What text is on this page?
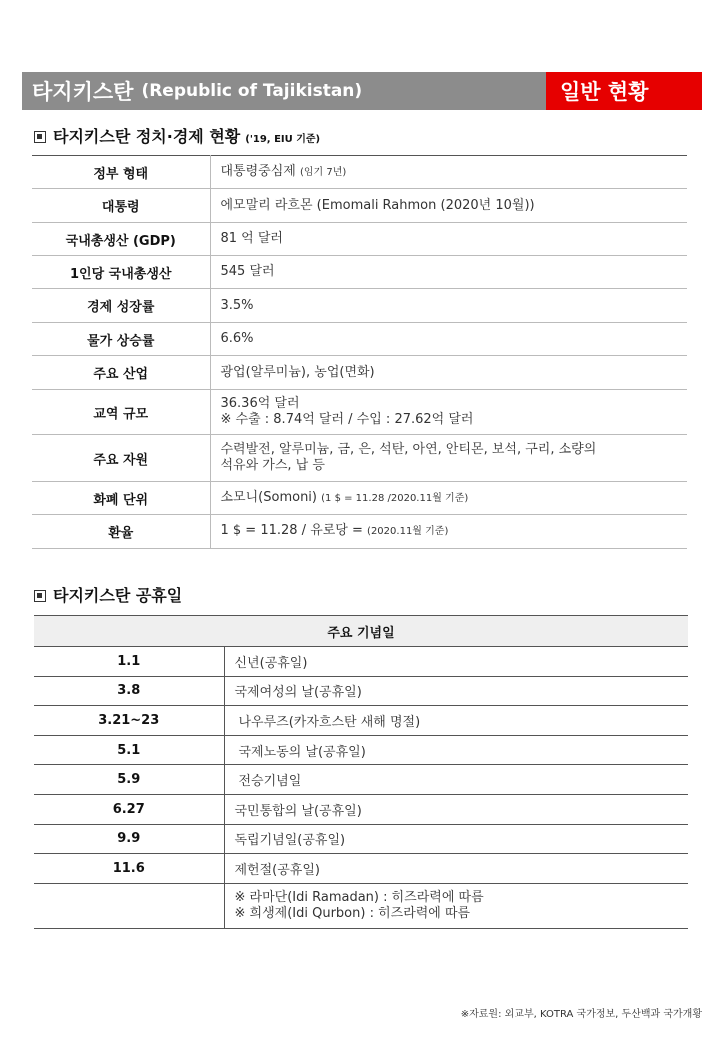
타지키스탄 (Republic of Tajikistan)	일반 현황
타지키스탄 정치·경제 현황 ('19, EIU 기준)
정부 형태	대통령중심제 (임기 7년)
대통령	에모말리 라흐몬 (Emomali Rahmon (2020년 10월))
국내총생산 (GDP)	81 억 달러
1인당 국내총생산	545 달러
경제 성장률	3.5%
물가 상승률	6.6%
주요 산업	광업(알루미늄), 농업(면화)
교역 규모	36.36억 달러
※ 수출 : 8.74억 달러 / 수입 : 27.62억 달러

주요 자원	수력발전, 알루미늄, 금, 은, 석탄, 아연, 안티몬, 보석, 구리, 소량의
석유와 가스, 납 등

화폐 단위	소모니(Somoni) (1 $ = 11.28 /2020.11월 기준)
환율	1 $ = 11.28 / 유로당 = (2020.11월 기준)
타지키스탄 공휴일
주요 기념일	
1.1	신년(공휴일)
3.8	국제여성의 날(공휴일)
3.21~23	나우루즈(카자흐스탄 새해 명절)
5.1	국제노동의 날(공휴일)
5.9	전승기념일
6.27	국민통합의 날(공휴일)
9.9	독립기념일(공휴일)
11.6	제헌절(공휴일)

	※ 라마단(Idi Ramadan) : 히즈라력에 따름
※ 희생제(Idi Qurbon) : 히즈라력에 따름
※자료원: 외교부, KOTRA 국가정보, 두산백과 국가개황
